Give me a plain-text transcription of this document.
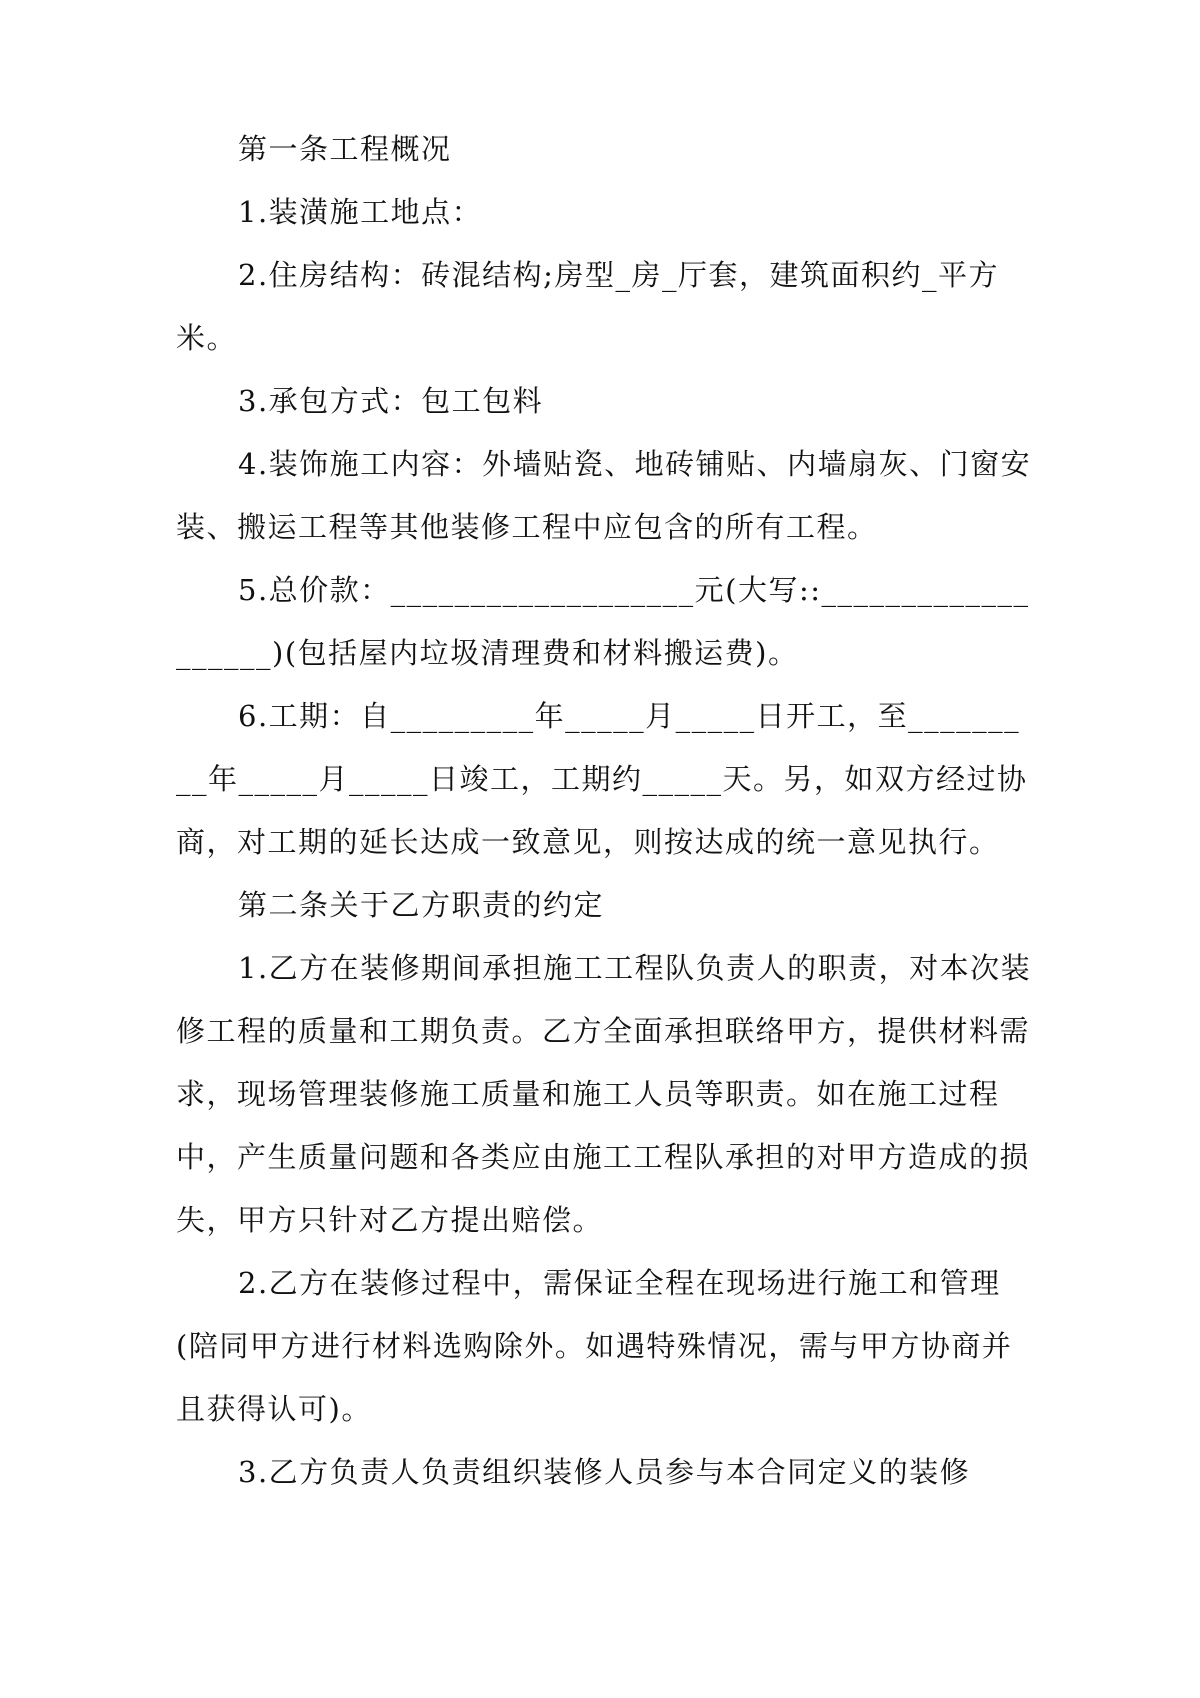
第一条工程概况

1.装潢施工地点：

2.住房结构：砖混结构;房型_房_厅套，建筑面积约_平方米。

3.承包方式：包工包料

4.装饰施工内容：外墙贴瓷、地砖铺贴、内墙扇灰、门窗安装、搬运工程等其他装修工程中应包含的所有工程。

5.总价款：___________________元(大写::___________________)(包括屋内垃圾清理费和材料搬运费)。

6.工期：自_________年_____月_____日开工，至_________年_____月_____日竣工，工期约_____天。另，如双方经过协商，对工期的延长达成一致意见，则按达成的统一意见执行。

第二条关于乙方职责的约定

1.乙方在装修期间承担施工工程队负责人的职责，对本次装修工程的质量和工期负责。乙方全面承担联络甲方，提供材料需求，现场管理装修施工质量和施工人员等职责。如在施工过程中，产生质量问题和各类应由施工工程队承担的对甲方造成的损失，甲方只针对乙方提出赔偿。

2.乙方在装修过程中，需保证全程在现场进行施工和管理(陪同甲方进行材料选购除外。如遇特殊情况，需与甲方协商并且获得认可)。

3.乙方负责人负责组织装修人员参与本合同定义的装修
